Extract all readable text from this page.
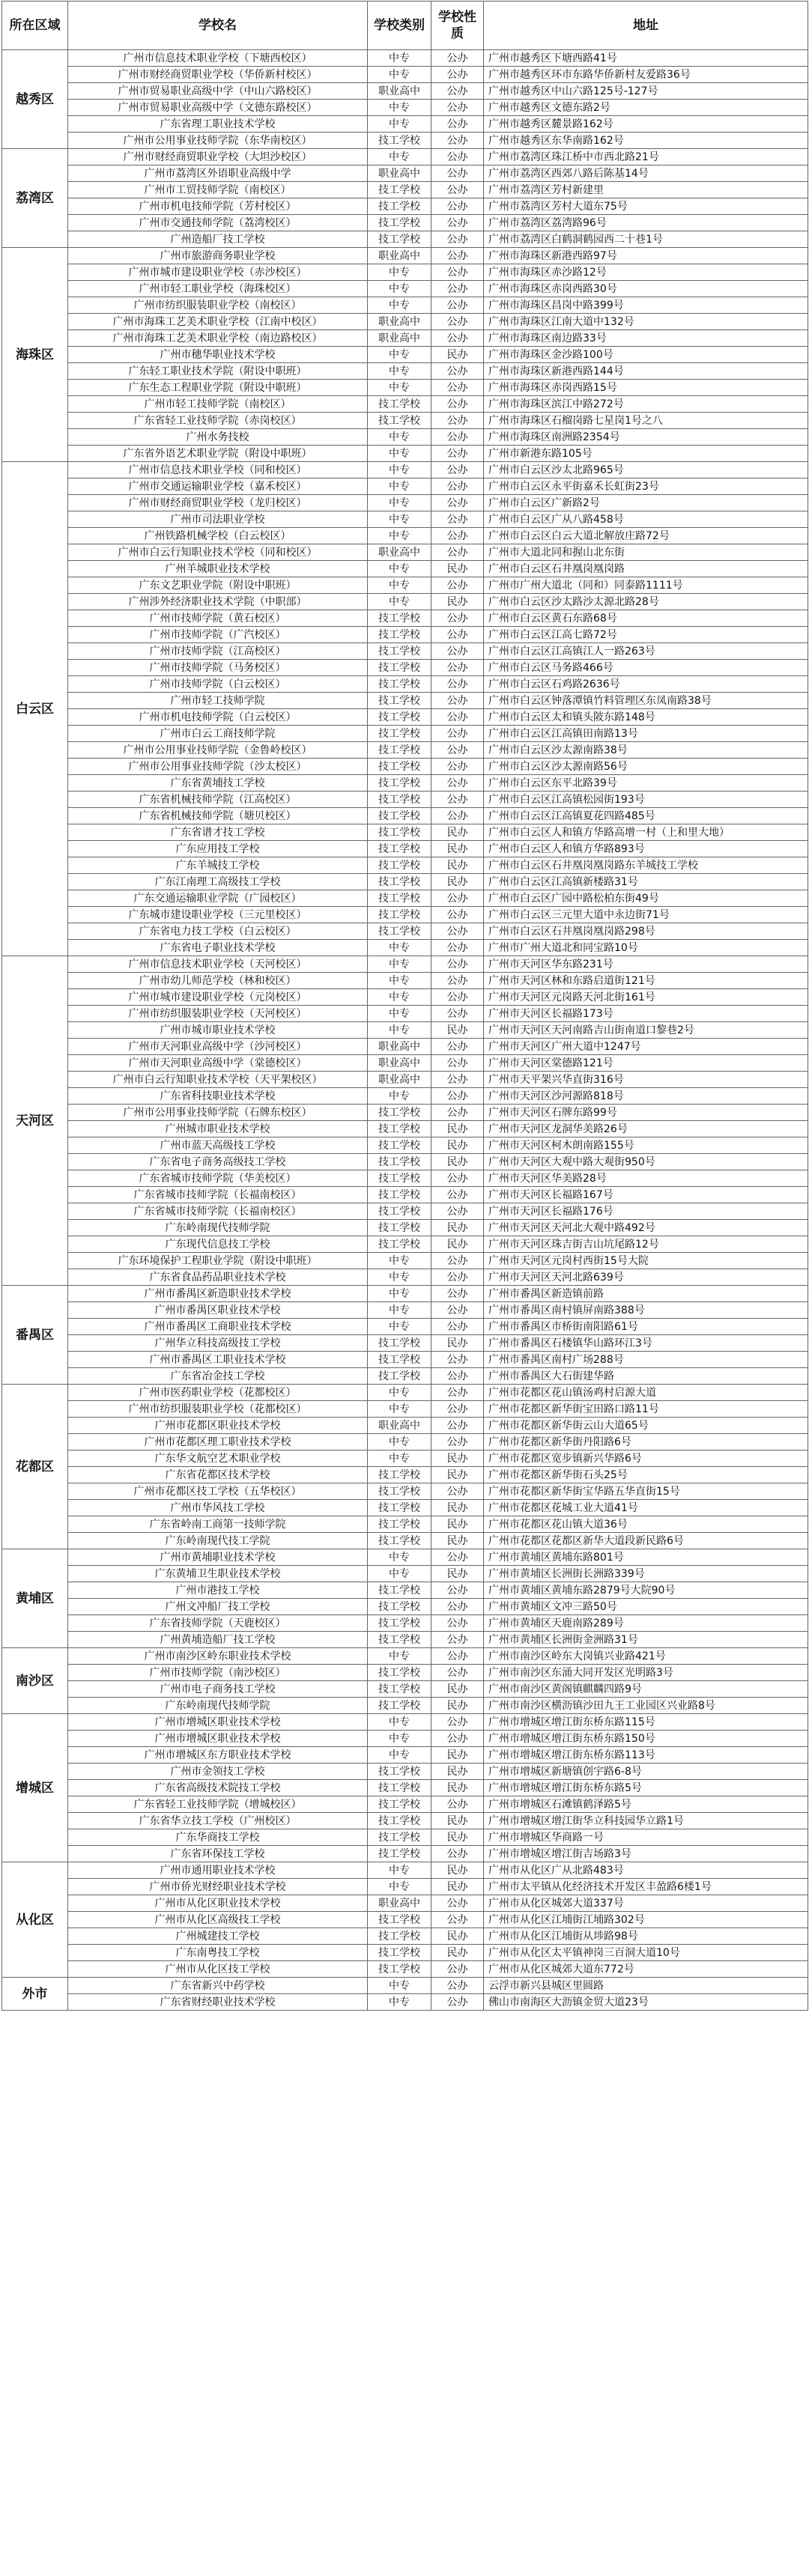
所在区域	学校名	学校类别	学校性质	地址
越秀区	广州市信息技术职业学校（下塘西校区）	中专	公办	广州市越秀区下塘西路41号
	广州市财经商贸职业学校（华侨新村校区）	中专	公办	广州市越秀区环市东路华侨新村友爱路36号
	广州市贸易职业高级中学（中山六路校区）	职业高中	公办	广州市越秀区中山六路125号-127号
	广州市贸易职业高级中学（文德东路校区）	中专	公办	广州市越秀区文德东路2号
	广东省理工职业技术学校	中专	公办	广州市越秀区麓景路162号
	广州市公用事业技师学院（东华南校区）	技工学校	公办	广州市越秀区东华南路162号
荔湾区	广州市财经商贸职业学校（大坦沙校区）	中专	公办	广州市荔湾区珠江桥中市西北路21号
	广州市荔湾区外语职业高级中学	职业高中	公办	广州市荔湾区西郊八路后陈基14号
	广州市工贸技师学院（南校区）	技工学校	公办	广州市荔湾区芳村新建里
	广州市机电技师学院（芳村校区）	技工学校	公办	广州市荔湾区芳村大道东75号
	广州市交通技师学院（荔湾校区）	技工学校	公办	广州市荔湾区荔湾路96号
	广州造船厂技工学校	技工学校	公办	广州市荔湾区白鹤洞鹤园西二十巷1号
海珠区	广州市旅游商务职业学校	职业高中	公办	广州市海珠区新港西路97号
	广州市城市建设职业学校（赤沙校区）	中专	公办	广州市海珠区赤沙路12号
	广州市轻工职业学校（海珠校区）	中专	公办	广州市海珠区赤岗西路30号
	广州市纺织服装职业学校（南校区）	中专	公办	广州市海珠区昌岗中路399号
	广州市海珠工艺美术职业学校（江南中校区）	职业高中	公办	广州市海珠区江南大道中132号
	广州市海珠工艺美术职业学校（南边路校区）	职业高中	公办	广州市海珠区南边路33号
	广州市穗华职业技术学校	中专	民办	广州市海珠区金沙路100号
	广东轻工职业技术学院（附设中职班）	中专	公办	广州市海珠区新港西路144号
	广东生态工程职业学院（附设中职班）	中专	公办	广州市海珠区赤岗西路15号
	广州市轻工技师学院（南校区）	技工学校	公办	广州市海珠区滨江中路272号
	广东省轻工业技师学院（赤岗校区）	技工学校	公办	广州市海珠区石榴岗路七星岗1号之八
	广州水务技校	中专	公办	广州市海珠区南洲路2354号
	广东省外语艺术职业学院（附设中职班）	中专	公办	广州市新港东路105号
白云区	广州市信息技术职业学校（同和校区）	中专	公办	广州市白云区沙太北路965号
	广州市交通运输职业学校（嘉禾校区）	中专	公办	广州市白云区永平街嘉禾长虹街23号
	广州市财经商贸职业学校（龙归校区）	中专	公办	广州市白云区广新路2号
	广州市司法职业学校	中专	公办	广州市白云区广从八路458号
	广州铁路机械学校（白云校区）	中专	公办	广州市白云区白云大道北解放庄路72号
	广州市白云行知职业技术学校（同和校区）	职业高中	公办	广州市大道北同和握山北东街
	广州羊城职业技术学校	中专	民办	广州市白云区石井凰岗凰岗路
	广东文艺职业学院（附设中职班）	中专	公办	广州市广州大道北（同和）同泰路1111号
	广州涉外经济职业技术学院（中职部）	中专	民办	广州市白云区沙太路沙太源北路28号
	广州市技师学院（黄石校区）	技工学校	公办	广州市白云区黄石东路68号
	广州市技师学院（广汽校区）	技工学校	公办	广州市白云区江高七路72号
	广州市技师学院（江高校区）	技工学校	公办	广州市白云区江高镇江人一路263号
	广州市技师学院（马务校区）	技工学校	公办	广州市白云区马务路466号
	广州市技师学院（白云校区）	技工学校	公办	广州市白云区石鸡路2636号
	广州市轻工技师学院	技工学校	公办	广州市白云区钟落潭镇竹料管理区东凤南路38号
	广州市机电技师学院（白云校区）	技工学校	公办	广州市白云区太和镇头陂东路148号
	广州市白云工商技师学院	技工学校	公办	广州市白云区江高镇田南路13号
	广州市公用事业技师学院（金鲁岭校区）	技工学校	公办	广州市白云区沙太源南路38号
	广州市公用事业技师学院（沙太校区）	技工学校	公办	广州市白云区沙太源南路56号
	广东省黄埔技工学校	技工学校	公办	广州市白云区东平北路39号
	广东省机械技师学院（江高校区）	技工学校	公办	广州市白云区江高镇松园街193号
	广东省机械技师学院（塘贝校区）	技工学校	公办	广州市白云区江高镇夏花四路485号
	广东省谱才技工学校	技工学校	民办	广州市白云区人和镇方华路高增一村（上和里大地）
	广东应用技工学校	技工学校	民办	广州市白云区人和镇方华路893号
	广东羊城技工学校	技工学校	民办	广州市白云区石井凰岗凰岗路东羊城技工学校
	广东江南理工高级技工学校	技工学校	民办	广州市白云区江高镇新楼路31号
	广东交通运输职业学院（广园校区）	技工学校	公办	广州市白云区广园中路松柏东街49号
	广东城市建设职业学校（三元里校区）	技工学校	公办	广州市白云区三元里大道中永边街71号
	广东省电力技工学校（白云校区）	技工学校	公办	广州市白云区石井凰岗凰岗路298号
	广东省电子职业技术学校	中专	公办	广州市广州大道北和同宝路10号
天河区	广州市信息技术职业学校（天河校区）	中专	公办	广州市天河区华东路231号
	广州市幼儿师范学校（林和校区）	中专	公办	广州市天河区林和东路启道街121号
	广州市城市建设职业学校（元岗校区）	中专	公办	广州市天河区元岗路天河北街161号
	广州市纺织服装职业学校（天河校区）	中专	公办	广州市天河区长福路173号
	广州市城市职业技术学校	中专	民办	广州市天河区天河南路吉山街南道口黎巷2号
	广州市天河职业高级中学（沙河校区）	职业高中	公办	广州市天河区广州大道中1247号
	广州市天河职业高级中学（棠德校区）	职业高中	公办	广州市天河区棠德路121号
	广州市白云行知职业技术学校（天平架校区）	职业高中	公办	广州市天平架兴华直街316号
	广东省科技职业技术学校	中专	公办	广州市天河区沙河源路818号
	广州市公用事业技师学院（石牌东校区）	技工学校	公办	广州市天河区石牌东路99号
	广州城市职业技术学校	技工学校	民办	广州市天河区龙洞华美路26号
	广州市蓝天高级技工学校	技工学校	民办	广州市天河区柯木朗南路155号
	广东省电子商务高级技工学校	技工学校	民办	广州市天河区大观中路大观街950号
	广东省城市技师学院（华美校区）	技工学校	公办	广州市天河区华美路28号
	广东省城市技师学院（长福南校区）	技工学校	公办	广州市天河区长福路167号
	广东省城市技师学院（长福南校区）	技工学校	公办	广州市天河区长福路176号
	广东岭南现代技师学院	技工学校	民办	广州市天河区天河北大观中路492号
	广东现代信息技工学校	技工学校	民办	广州市天河区珠吉街吉山坑尾路12号
	广东环境保护工程职业学院（附设中职班）	中专	公办	广州市天河区元岗村西街15号大院
	广东省食品药品职业技术学校	中专	公办	广州市天河区天河北路639号
番禺区	广州市番禺区新造职业技术学校	中专	公办	广州市番禺区新造镇前路
	广州市番禺区职业技术学校	中专	公办	广州市番禺区南村镇屏南路388号
	广州市番禺区工商职业技术学校	中专	公办	广州市番禺区市桥街南阳路61号
	广州华立科技高级技工学校	技工学校	民办	广州市番禺区石楼镇华山路环江3号
	广州市番禺区工职业技术学校	技工学校	公办	广州市番禺区南村广场288号
	广东省冶金技工学校	技工学校	公办	广州市番禺区大石街建华路
花都区	广州市医药职业学校（花都校区）	中专	公办	广州市花都区花山镇汤鸡村启源大道
	广州市纺织服装职业学校（花都校区）	中专	公办	广州市花都区新华街宝田路口路11号
	广州市花都区职业技术学校	职业高中	公办	广州市花都区新华街云山大道65号
	广州市花都区理工职业技术学校	中专	公办	广州市花都区新华街丹阳路6号
	广东华文航空艺术职业学校	中专	民办	广州市花都区宽步镇新兴华路6号
	广东省花都区技术学校	技工学校	民办	广州市花都区新华街石头25号
	广州市花都区技工学校（五华校区）	技工学校	公办	广州市花都区新华街宝华路五华直街15号
	广州市华风技工学校	技工学校	民办	广州市花都区花城工业大道41号
	广东省岭南工商第一技师学院	技工学校	民办	广州市花都区花山镇大道36号
	广东岭南现代技工学院	技工学校	民办	广州市花都区花都区新华大道段新民路6号
黄埔区	广州市黄埔职业技术学校	中专	公办	广州市黄埔区黄埔东路801号
	广东黄埔卫生职业技术学校	中专	民办	广州市黄埔区长洲街长洲路339号
	广州市港技工学校	技工学校	公办	广州市黄埔区黄埔东路2879号大院90号
	广州文冲船厂技工学校	技工学校	公办	广州市黄埔区文冲三路50号
	广东省技师学院（天鹿校区）	技工学校	公办	广州市黄埔区天鹿南路289号
	广州黄埔造船厂技工学校	技工学校	公办	广州市黄埔区长洲街金洲路31号
南沙区	广州市南沙区岭东职业技术学校	中专	公办	广州市南沙区岭东大岗镇兴业路421号
	广州市技师学院（南沙校区）	技工学校	公办	广州市南沙区东涌大同开发区光明路3号
	广州市电子商务技工学校	技工学校	民办	广州市南沙区黄阁镇麒麟四路9号
	广东岭南现代技师学院	技工学校	民办	广州市南沙区横沥镇沙田九王工业园区兴业路8号
增城区	广州市增城区职业技术学校	中专	公办	广州市增城区增江街东桥东路115号
	广州市增城区职业技术学校	中专	公办	广州市增城区增江街东桥东路150号
	广州市增城区东方职业技术学校	中专	民办	广州市增城区增江街东桥东路113号
	广州市金领技工学校	技工学校	民办	广州市增城区新塘镇创宇路6-8号
	广东省高级技术院技工学校	技工学校	民办	广州市增城区增江街东桥东路5号
	广东省轻工业技师学院（增城校区）	技工学校	公办	广州市增城区石滩镇鹤泽路5号
	广东省华立技工学校（广州校区）	技工学校	民办	广州市增城区增江街华立科技园华立路1号
	广东华商技工学校	技工学校	民办	广州市增城区华商路一号
	广东省环保技工学校	技工学校	公办	广州市增城区增江街吉场路3号
从化区	广州市通用职业技术学校	中专	民办	广州市从化区广从北路483号
	广州市侨光财经职业技术学校	中专	民办	广州市太平镇从化经济技术开发区丰盈路6楼1号
	广州市从化区职业技术学校	职业高中	公办	广州市从化区城郊大道337号
	广州市从化区高级技工学校	技工学校	公办	广州市从化区江埔街江埔路302号
	广州城建技工学校	技工学校	民办	广州市从化区江埔街从埗路98号
	广东南粤技工学校	技工学校	民办	广州市从化区太平镇神岗三百洞大道10号
	广州市从化区技工学校	技工学校	公办	广州市从化区城郊大道东772号
外市	广东省新兴中药学校	中专	公办	云浮市新兴县城区里圆路
	广东省财经职业技术学校	中专	公办	佛山市南海区大沥镇金贸大道23号
